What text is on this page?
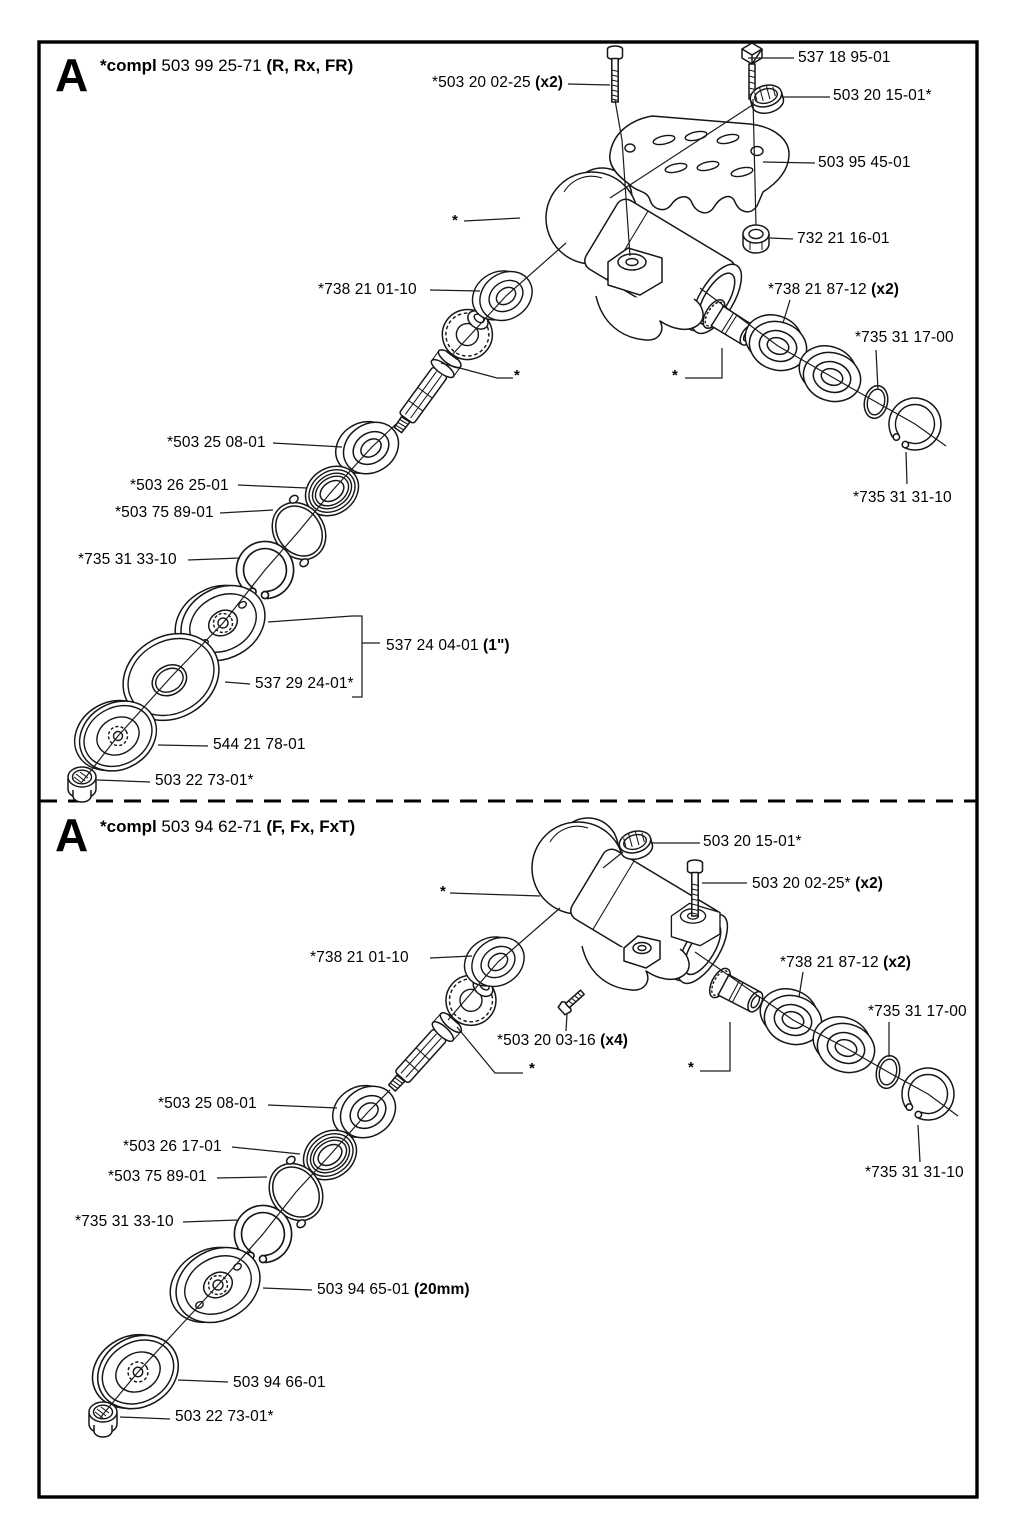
A *compl 503 99 25-71 (R, Rx, FR)	537 18 95-01
*503 20 02-25 (x2)
503 20 15-01*
503 95 45-01
732 21 16-01
*738 21 01-10	*738 21 87-12 (x2)
*735 31 17-00
*503 25 08-01
*503 26 25-01
*503 75 89-01
*735 31 33-10
537 24 04-01 (1")
537 29 24-01*
544 21 78-01
503 22 73-01*
*735 31 31-10
*
*	*
A *compl 503 94 62-71 (F, Fx, FxT)
503 20 15-01*
503 20 02-25* (x2)
*738 21 01-10	*738 21 87-12 (x2)
*735 31 17-00
*503 20 03-16 (x4)
*503 25 08-01
*503 26 17-01
*503 75 89-01
*735 31 33-10
503 94 65-01 (20mm)
503 94 66-01
503 22 73-01*
*735 31 31-10
*
*	*
